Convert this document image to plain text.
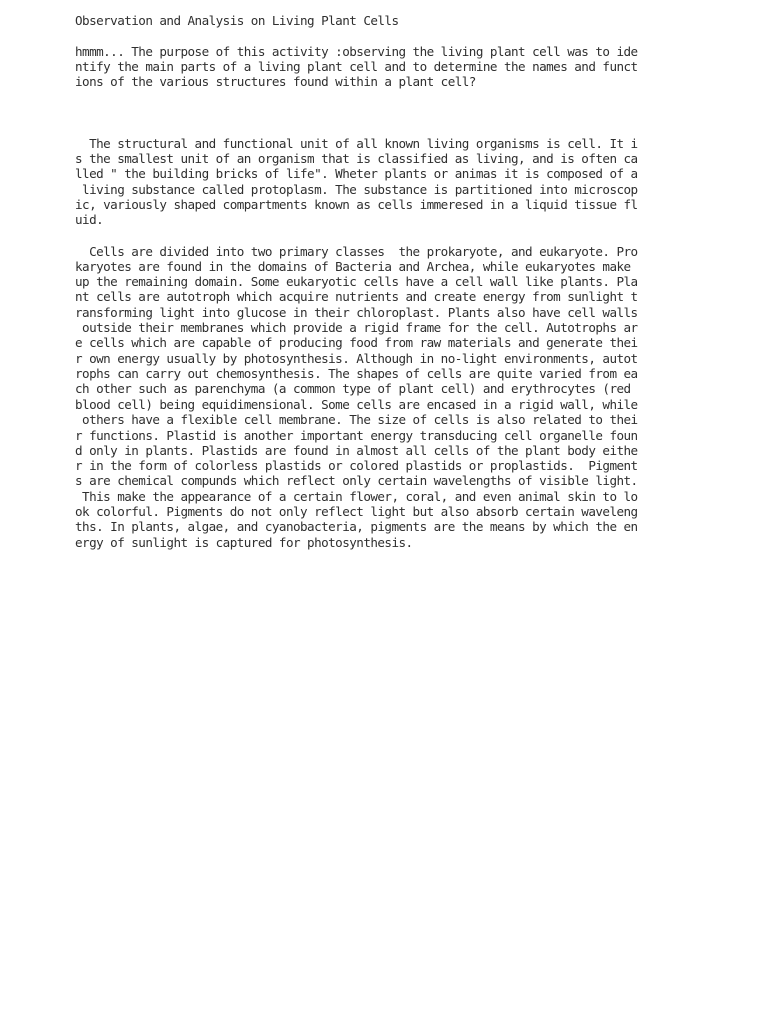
Observation and Analysis on Living Plant Cells

hmmm... The purpose of this activity :observing the living plant cell was to ide

ntify the main parts of a living plant cell and to determine the names and funct

ions of the various structures found within a plant cell?

The structural and functional unit of all known living organisms is cell. It i

s the smallest unit of an organism that is classified as living, and is often ca

lled " the building bricks of life". Wheter plants or animas it is composed of a

living substance called protoplasm. The substance is partitioned into microscop

ic, variously shaped compartments known as cells immeresed in a liquid tissue fl

uid.

Cells are divided into two primary classes  the prokaryote, and eukaryote. Pro

karyotes are found in the domains of Bacteria and Archea, while eukaryotes make

up the remaining domain. Some eukaryotic cells have a cell wall like plants. Pla

nt cells are autotroph which acquire nutrients and create energy from sunlight t

ransforming light into glucose in their chloroplast. Plants also have cell walls

outside their membranes which provide a rigid frame for the cell. Autotrophs ar

e cells which are capable of producing food from raw materials and generate thei

r own energy usually by photosynthesis. Although in no-light environments, autot

rophs can carry out chemosynthesis. The shapes of cells are quite varied from ea

ch other such as parenchyma (a common type of plant cell) and erythrocytes (red

blood cell) being equidimensional. Some cells are encased in a rigid wall, while

others have a flexible cell membrane. The size of cells is also related to thei

r functions. Plastid is another important energy transducing cell organelle foun

d only in plants. Plastids are found in almost all cells of the plant body eithe

r in the form of colorless plastids or colored plastids or proplastids.  Pigment

s are chemical compunds which reflect only certain wavelengths of visible light.

This make the appearance of a certain flower, coral, and even animal skin to lo

ok colorful. Pigments do not only reflect light but also absorb certain waveleng

ths. In plants, algae, and cyanobacteria, pigments are the means by which the en

ergy of sunlight is captured for photosynthesis.
